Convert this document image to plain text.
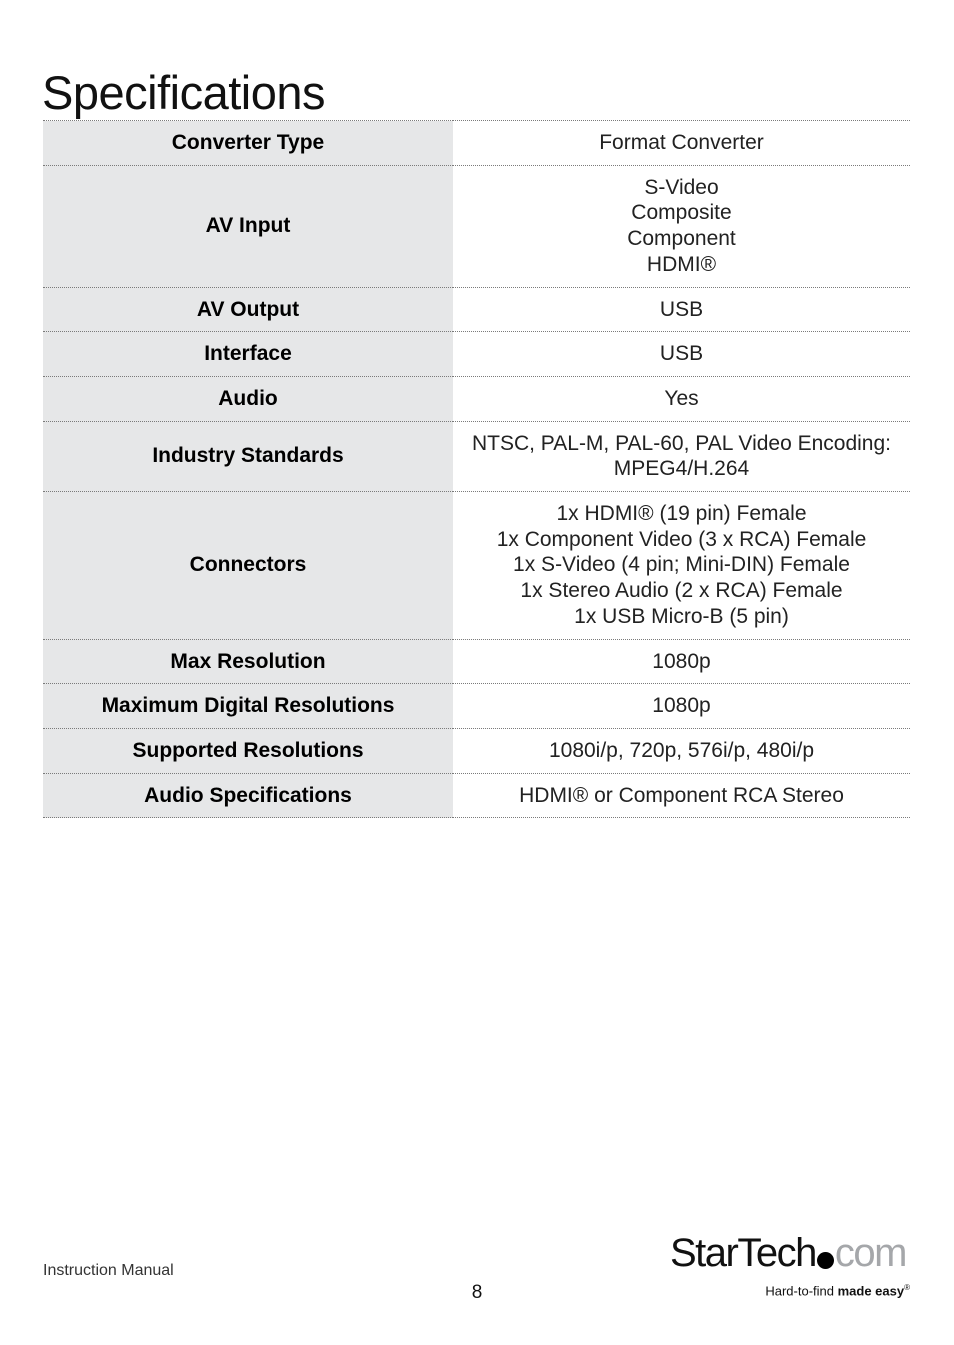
Specifications
Converter Type	Format Converter

AV Input	S-Video
Composite
Component
HDMI®

AV Output	USB

Interface	USB

Audio	Yes

Industry Standards	NTSC, PAL-M, PAL-60, PAL Video Encoding:
MPEG4/H.264

Connectors	1x HDMI® (19 pin) Female
1x Component Video (3 x RCA) Female
1x S-Video (4 pin; Mini-DIN) Female
1x Stereo Audio (2 x RCA) Female
1x USB Micro-B (5 pin)

Max Resolution	1080p

Maximum Digital Resolutions	1080p

Supported Resolutions	1080i/p, 720p, 576i/p, 480i/p

Audio Specifications	HDMI® or Component RCA Stereo
Instruction Manual
8
StarTech com
Hard-to-find made easy®
